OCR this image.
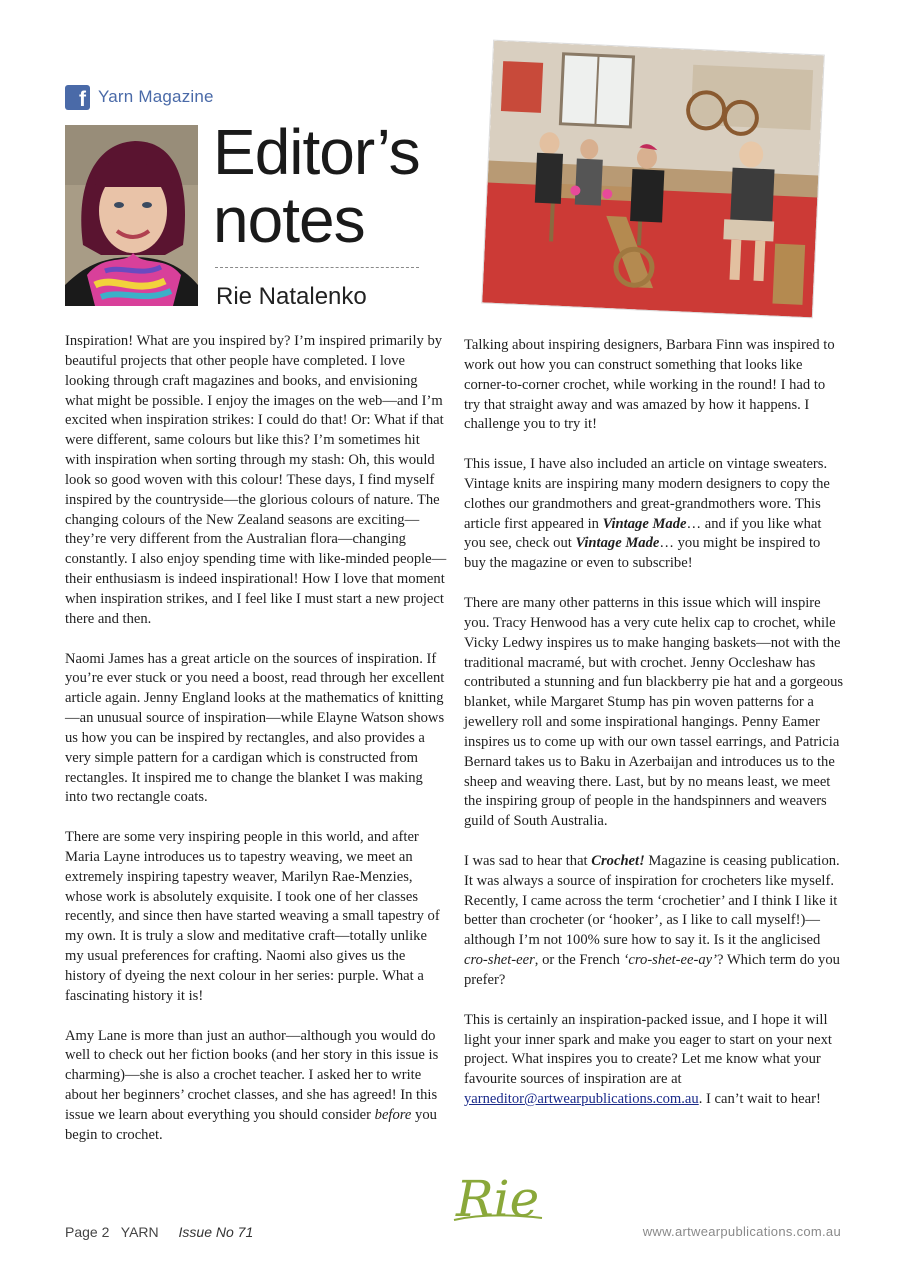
f Yarn Magazine
Editor’s
notes
Rie Natalenko

Inspiration! What are you inspired by? I’m inspired primarily by beautiful projects that other people have completed. I love looking through craft magazines and books, and envisioning what might be possible. I enjoy the images on the web—and I’m excited when inspiration strikes: I could do that! Or: What if that were different, same colours but like this? I’m sometimes hit with inspiration when sorting through my stash: Oh, this would look so good woven with this colour! These days, I find myself inspired by the countryside—the glorious colours of nature. The changing colours of the New Zealand seasons are exciting—they’re very different from the Australian flora—changing constantly. I also enjoy spending time with like-minded people—their enthusiasm is indeed inspirational! How I love that moment when inspiration strikes, and I feel like I must start a new project there and then.

Naomi James has a great article on the sources of inspiration. If you’re ever stuck or you need a boost, read through her excellent article again. Jenny England looks at the mathematics of knitting—an unusual source of inspiration—while Elayne Watson shows us how you can be inspired by rectangles, and also provides a very simple pattern for a cardigan which is constructed from rectangles. It inspired me to change the blanket I was making into two rectangle coats.

There are some very inspiring people in this world, and after Maria Layne introduces us to tapestry weaving, we meet an extremely inspiring tapestry weaver, Marilyn Rae-Menzies, whose work is absolutely exquisite. I took one of her classes recently, and since then have started weaving a small tapestry of my own. It is truly a slow and meditative craft—totally unlike my usual preferences for crafting. Naomi also gives us the history of dyeing the next colour in her series: purple. What a fascinating history it is!

Amy Lane is more than just an author—although you would do well to check out her fiction books (and her story in this issue is charming)—she is also a crochet teacher. I asked her to write about her beginners’ crochet classes, and she has agreed! In this issue we learn about everything you should consider before you begin to crochet.

Talking about inspiring designers, Barbara Finn was inspired to work out how you can construct something that looks like corner-to-corner crochet, while working in the round! I had to try that straight away and was amazed by how it happens. I challenge you to try it!

This issue, I have also included an article on vintage sweaters. Vintage knits are inspiring many modern designers to copy the clothes our grandmothers and great-grandmothers wore. This article first appeared in Vintage Made… and if you like what you see, check out Vintage Made… you might be inspired to buy the magazine or even to subscribe!

There are many other patterns in this issue which will inspire you. Tracy Henwood has a very cute helix cap to crochet, while Vicky Ledwy inspires us to make hanging baskets—not with the traditional macramé, but with crochet. Jenny Occleshaw has contributed a stunning and fun blackberry pie hat and a gorgeous blanket, while Margaret Stump has pin woven patterns for a jewellery roll and some inspirational hangings. Penny Eamer inspires us to come up with our own tassel earrings, and Patricia Bernard takes us to Baku in Azerbaijan and introduces us to the sheep and weaving there. Last, but by no means least, we meet the inspiring group of people in the handspinners and weavers guild of South Australia.

I was sad to hear that Crochet! Magazine is ceasing publication. It was always a source of inspiration for crocheters like myself. Recently, I came across the term ‘crochetier’ and I think I like it better than crocheter (or ‘hooker’, as I like to call myself!)—although I’m not 100% sure how to say it. Is it the anglicised cro-shet-eer, or the French ‘cro-shet-ee-ay’? Which term do you prefer?

This is certainly an inspiration-packed issue, and I hope it will light your inner spark and make you eager to start on your next project. What inspires you to create? Let me know what your favourite sources of inspiration are at yarneditor@artwearpublications.com.au. I can’t wait to hear!

Rie
Page 2 YARN Issue No 71	www.artwearpublications.com.au
